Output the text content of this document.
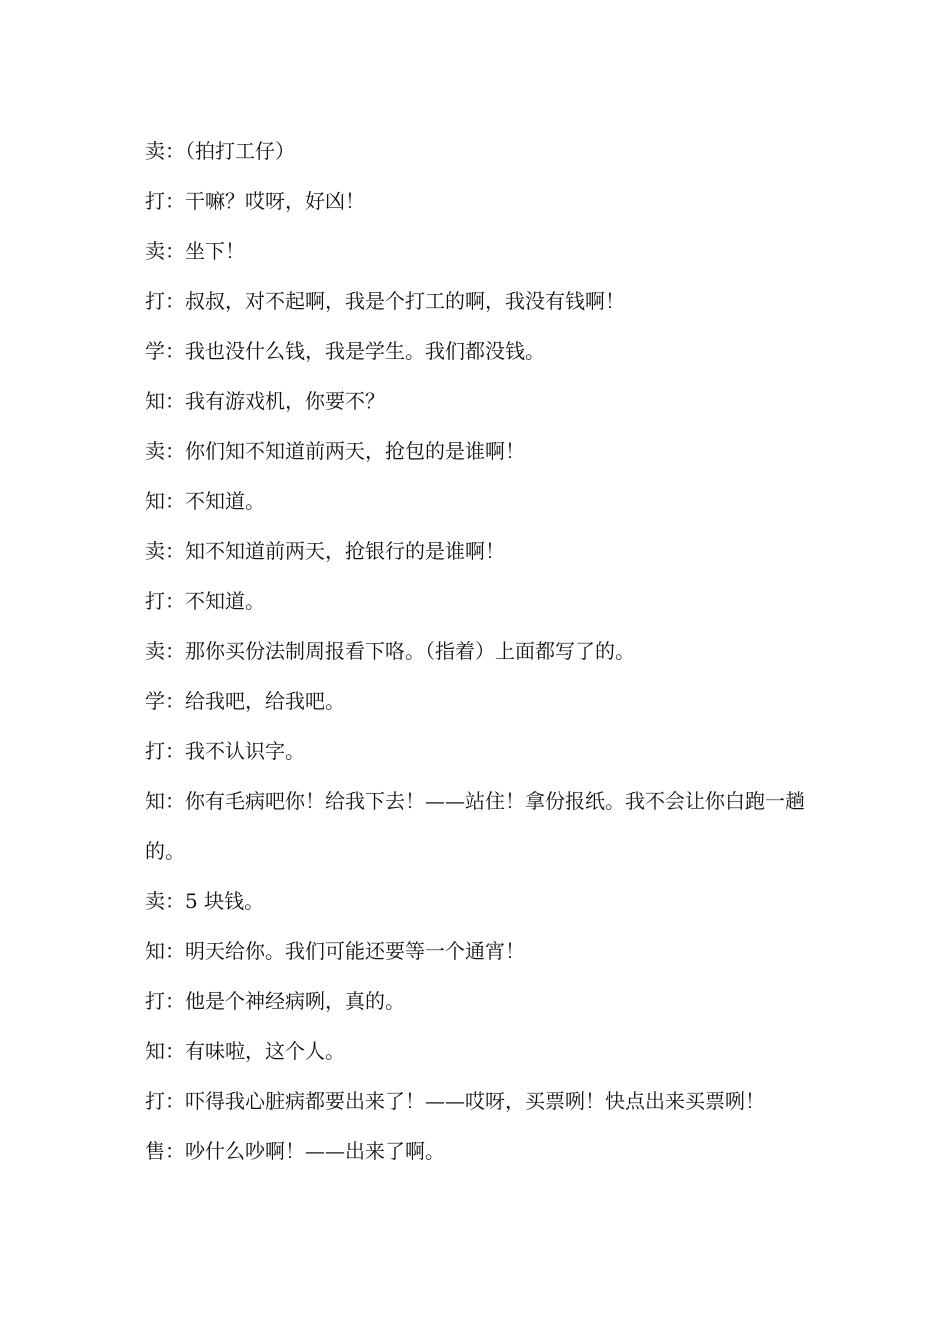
卖：（拍打工仔）

打：干嘛？哎呀，好凶！

卖：坐下！

打：叔叔，对不起啊，我是个打工的啊，我没有钱啊！

学：我也没什么钱，我是学生。我们都没钱。

知：我有游戏机，你要不？

卖：你们知不知道前两天，抢包的是谁啊！

知：不知道。

卖：知不知道前两天，抢银行的是谁啊！

打：不知道。

卖：那你买份法制周报看下咯。（指着）上面都写了的。

学：给我吧，给我吧。

打：我不认识字。

知：你有毛病吧你！给我下去！——站住！拿份报纸。我不会让你白跑一趟的。

卖：5 块钱。

知：明天给你。我们可能还要等一个通宵！

打：他是个神经病咧，真的。

知：有味啦，这个人。

打：吓得我心脏病都要出来了！——哎呀，买票咧！快点出来买票咧！

售：吵什么吵啊！——出来了啊。
